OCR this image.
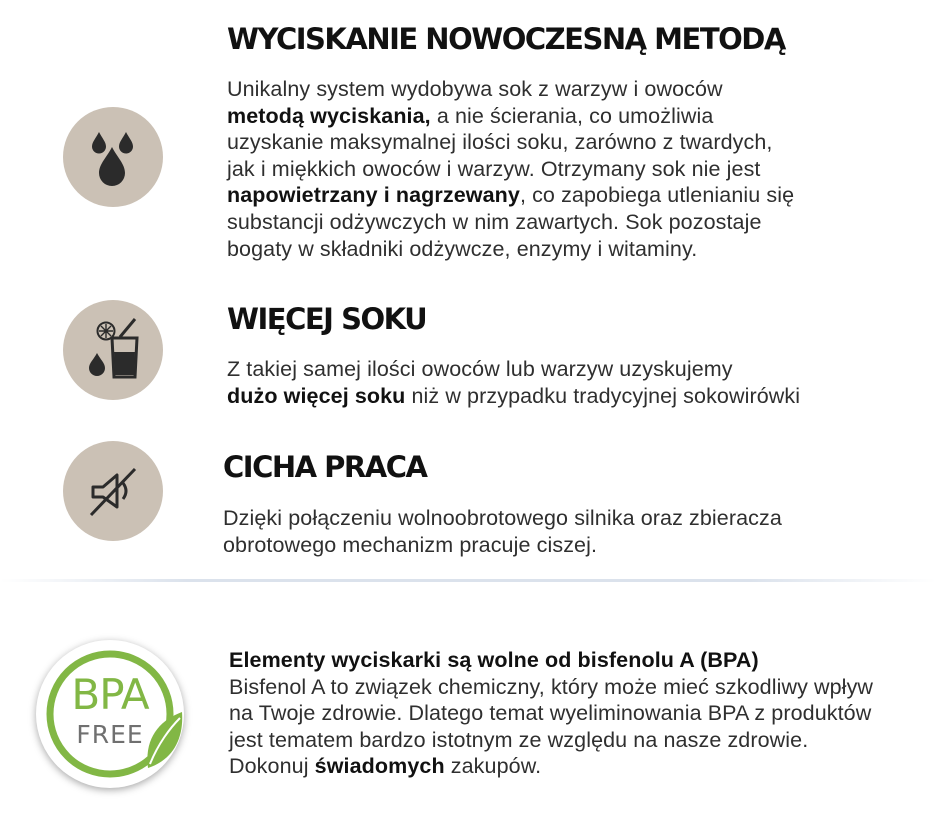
WYCISKANIE NOWOCZESNĄ METODĄ

Unikalny system wydobywa sok z warzyw i owoców
metodą wyciskania, a nie ścierania, co umożliwia
uzyskanie maksymalnej ilości soku, zarówno z twardych,
jak i miękkich owoców i warzyw. Otrzymany sok nie jest
napowietrzany i nagrzewany, co zapobiega utlenianiu się
substancji odżywczych w nim zawartych. Sok pozostaje
bogaty w składniki odżywcze, enzymy i witaminy.

WIĘCEJ SOKU

Z takiej samej ilości owoców lub warzyw uzyskujemy
dużo więcej soku niż w przypadku tradycyjnej sokowirówki

CICHA PRACA

Dzięki połączeniu wolnoobrotowego silnika oraz zbieracza
obrotowego mechanizm pracuje ciszej.

BPA
FREE

Elementy wyciskarki są wolne od bisfenolu A (BPA)
Bisfenol A to związek chemiczny, który może mieć szkodliwy wpływ
na Twoje zdrowie. Dlatego temat wyeliminowania BPA z produktów
jest tematem bardzo istotnym ze względu na nasze zdrowie.
Dokonuj świadomych zakupów.
